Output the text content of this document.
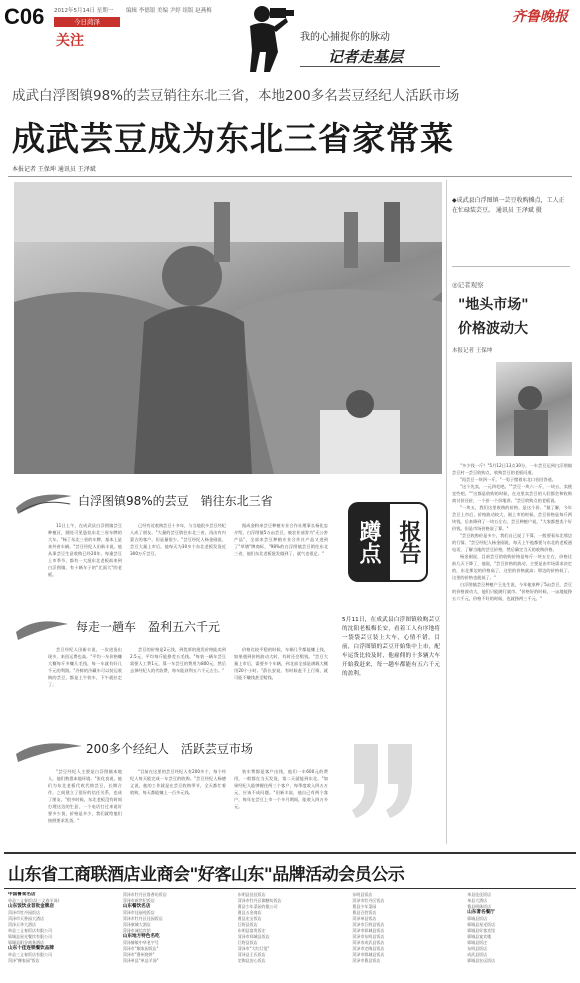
C06 2012年5月14日 星期一 编辑 李德银 美编 尹婷 组版 赵燕梅
今日菏泽
关注	我的心捕捉你的脉动
记者走基层
齐鲁晚报
成武白浮图镇98%的芸豆销往东北三省，本地200多名芸豆经纪人活跃市场
成武芸豆成为东北三省家常菜
本报记者 王保坤 通讯员 王泽斌
◆成武县白浮图镇一芸豆收购摊点，工人正在忙碌装芸豆。 通讯员 王泽斌 摄
◎记者观察
"地头市场"
价格波动大
本报记者 王保坤

"多少钱一斤？"5月12日13点30分，一车芸豆运到白浮图镇芸豆村一芸豆收购点，收购芸豆的老板问道。

"再芸豆一块四一斤。"一男子摆着东北口音回答道。

"这个先卖，一元四毛吧。""芸豆一块六一斤，一块五，卖便宜些吧。""这都是收购的时候，在这里卖芸豆的人们都会和收购商讨价还价，一个价一个价地讲。"芸豆收购点的老板说。

"一块五，我们这里收购的价格，是这个价。"据了解，今年芸豆上市后，价格波动较大，刚上市的时候，芸豆价格是每斤两块钱，后来降到了一块五左右，芸豆种植户说，"大家都想卖个好价钱，但是市场价格说了算。"

"芸豆收购价是多少，我们自己说了不算，一般要看东北那边的行情。"芸豆经纪人杨金刚说，每天上午他都要与东北的老板通电话，了解当地的芸豆价格，然后确定当天的收购价格。

杨金刚说，目前芸豆的收购价格是每斤一块五左右，价格比前几天下降了，他说，"芸豆价格的波动，主要是由市场需求决定的，东北那边的价格高了，这里的价格就高；那边的价格低了，这里的价格也就低了。"

白浮图镇芸豆种植户王先生说，今年他家种了5亩芸豆，芸豆的价格波动大，他们只能随行就市。"价格好的时候，一亩地能挣五六千元，价格不好的时候，也就挣两三千元。"

白浮图镇98%的芸豆　销往东北三省

11日上午，在成武县白浮图镇芸豆种植区，随处可见悬挂东北三省车牌的大车。"杨丁东北三省的车牌，基本上是来外省车辆。"芸豆经纪人田新丰说，他从事芸豆生意收购已经20年，每逢芸豆上市季节，都有一大批东北老板前来到白浮图镇，有十辆车子的"尤面大"的老板。

已经有近收购芸豆十多年，与当地很多芸豆经纪人成了朋友。"大量的芸豆销往东北三省，再出有内蒙古的客户，但是量很少。"芸豆经纪人杨金刚说，芸豆大量上市后，他每天为30多个东北老板发货近300万斤芸豆。

据成金粉来芸豆种植专业合作社理事长杨化忠介绍，白浮图镇5万亩芸豆，被农业部誉为"无公害产品"，全部来芸豆种植专业合作社产品又进到了"草塘"牌商标，"98%的白浮图镇芸豆销往东北三省，他们东北老板批发做到了，就气也很足。"	蹲点 报告
5月11日，在成武县白浮图镇收购芸豆的沈阳老板梅长安，看着工人有序地将一袋袋芸豆装上大车，心情不错。目前，白浮图镇的芸豆开始集中上市，配车运货比较及时，他雇佣的十多辆大车开始我赶来，每一趟车都能有五六千元的盈利。
每走一趟车　盈利五六千元

芸豆经纪人田新丰说，一次进货出现多，来回运费也高。"平均一车价格赚大概每斤多赚几毛钱，每一车就有好几千元的利润。"冷鲜的冷藏车可以装运收购的芸豆，都是上午装车，下午就拉走了。

芸豆的价格是2元钱，到优厚的批发价格能卖到2.5元，平均每斤能挣差五毛钱。"每装一辆车芸豆需要人工费1元，算一车芸豆的费用为800元，然后去掉经纪人的代收费，每车能获利五六千元左右。"

价格比较平稳的时候，车辆几乎都能赚上钱，如果遇到价格波动大时，有时还会赔钱。"芸豆大量上市后，需要多个车辆，到北部全部是满载大概用20个小时。"薛长安说，有时候赶不上行情，就可能不赚钱甚至赔钱。

200多个经纪人　活跃芸豆市场

"芸豆经纪人主要是白浮图镇本地人，他们熟悉本地环境。"张化良说，他们为东北老板代收代购芸豆，长期合作，之间建立了很好的信任关系，也成了朋友。"很多时候，东北老板没有时间打理这边的生意，一个电话打过来说好要多少货，价格是多少，我们就给他们按照要求发货。"

"目前在这里的芸豆经纪人有200多个，每个经纪人每天能完成一车芸豆的收购。"芸豆经纪人杨德义说，他的工作就是在芸豆收购季节，全天都忙着收购，每天都能赚上一百多元钱。

装车费都是客户出钱，他们一车600元的费用，一般都在当天发货，第二天就能到东北。"如果经纪人能够握住两三个客户，每季度收入四五万元，应该不成问题。"田新丰说，他自己有两个客户，每年在芸豆上市一个多月期间，能收入四万多元。

山东省工商联酒店业商会"好客山东"品牌活动会员公示
中国鲁菜名店
单县三义春饭店(三义春羊汤)
山东饭饮业首批金牌店
菏泽市牡丹园饭店
菏泽市天香园大酒店
菏泽天华大酒店
单县三义春饭店有限公司
郓城县星光餐饮有限公司
郓城县阳谷商务酒店
山东十佳连锁餐饮品牌
单县三义春饭店有限公司
菏泽"狮家园"饭店
菏泽市牡丹区鲁香坊饭店
菏泽市新世纪饭店
山东餐饮名店
菏泽市佳丽苑饭店
菏泽市牡丹区佳园饭店
菏泽康城大酒店
菏泽市诚信宾馆
山东地方特色名吃
菏泽赫敏中华老字号
菏泽市"顺家园饭店"
菏泽市"曹州烧饼"
菏泽单县"单县羊汤"
东明县佳佳饭店
菏泽市牡丹区御膳坊饭店
曹县少年菜园有限公司
曹县五金商店
曹县宏宝饭店
巨野县饭店
东明县富贵饭庄
菏泽市郓城县饭店
巨野县饭店
菏泽市"大红灯笼"
菏泽县王氏饭店
定陶县安心饭店
东明县饭店
菏泽市牡丹区饭店
曹县少年菜园
曹县百姓饭店
菏泽单县饭店
菏泽市巨野县饭店
菏泽市郓城县饭店
菏泽市东明县饭店
菏泽市成武县饭店
菏泽市定陶县饭店
菏泽市鄄城县饭店
菏泽市曹县饭店
单县佳佳饭店
单县大酒店
曹县明珠饭店
山东著名餐厅
郓城县饭店
郓城县星光饭店
郓城县好客宾馆
郓城县宴宾楼
郓城县饭庄
东明县饭店
成武县饭店
郓城县宏远饭店
